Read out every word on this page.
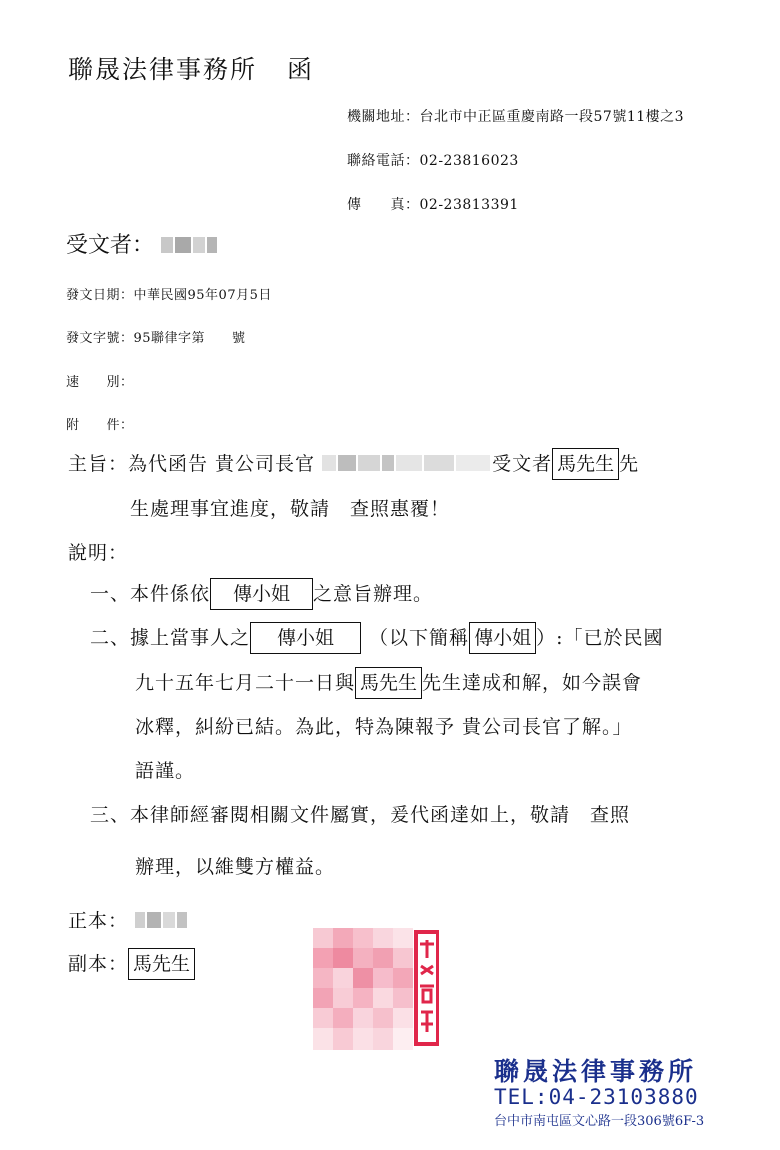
聯晟法律事務所 函
機關地址：台北市中正區重慶南路一段57號11樓之3
聯絡電話：02-23816023
傳　　真：02-23813391
受文者：
發文日期：中華民國95年07月5日
發文字號：95聯律字第　　號
速　　別：
附　　件：
主旨：為代函告 貴公司長官	受文者 馬先生 先
生處理事宜進度，敬請　查照惠覆！
說明：
一、本件係依 傳小姐 之意旨辦理。
二、據上當事人之 傳小姐 （以下簡稱 傳小姐 ）:「已於民國
九十五年七月二十一日與 馬先生 先生達成和解，如今誤會
冰釋，糾紛已結。為此，特為陳報予 貴公司長官了解。」
語謹。
三、本律師經審閱相關文件屬實，爰代函達如上，敬請　查照
辦理，以維雙方權益。
正本：
副本： 馬先生
聯晟法律事務所
TEL:04-23103880
台中市南屯區文心路一段306號6F-3
